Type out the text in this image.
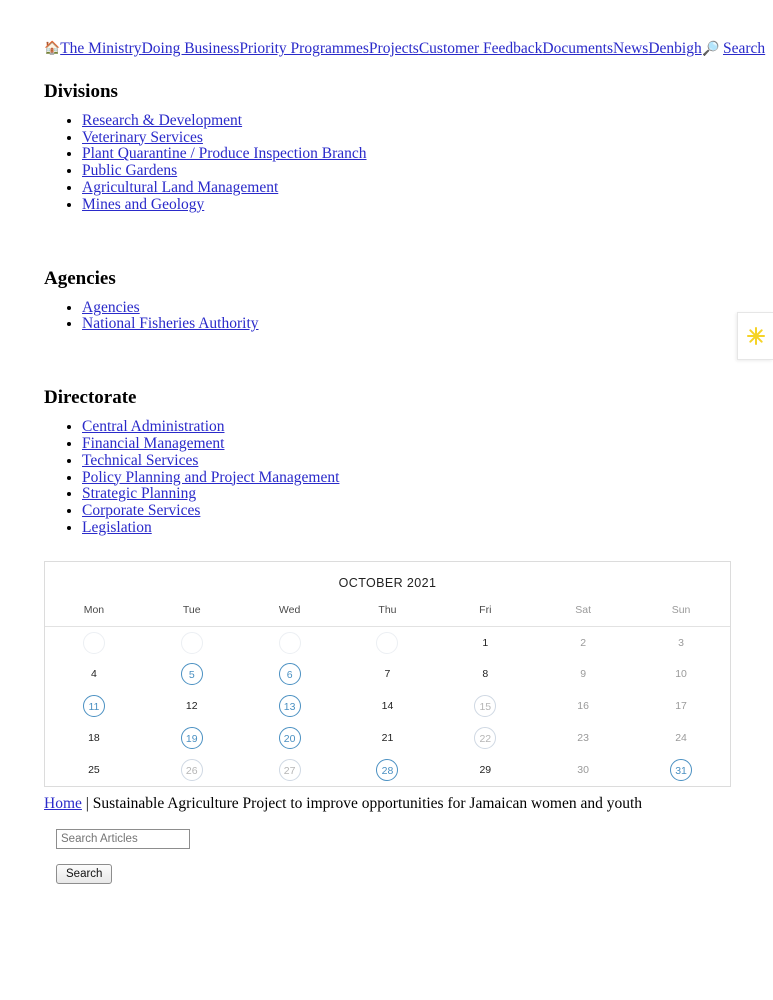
🏠The MinistryDoing BusinessPriority ProgrammesProjectsCustomer FeedbackDocumentsNewsDenbigh🔍 Search
Divisions
• Research & Development
• Veterinary Services
• Plant Quarantine / Produce Inspection Branch
• Public Gardens
• Agricultural Land Management
• Mines and Geology
Agencies
• Agencies
• National Fisheries Authority
Directorate
• Central Administration
• Financial Management
• Technical Services
• Policy Planning and Project Management
• Strategic Planning
• Corporate Services
• Legislation
OCTOBER 2021
Mon	Tue	Wed	Thu	Fri	Sat	Sun

				1	2	3

4	5	6	7	8	9	10

11	12	13	14	15	16	17

18	19	20	21	22	23	24

25	26	27	28	29	30	31
Home | Sustainable Agriculture Project to improve opportunities for Jamaican women and youth
Search Articles
Search
